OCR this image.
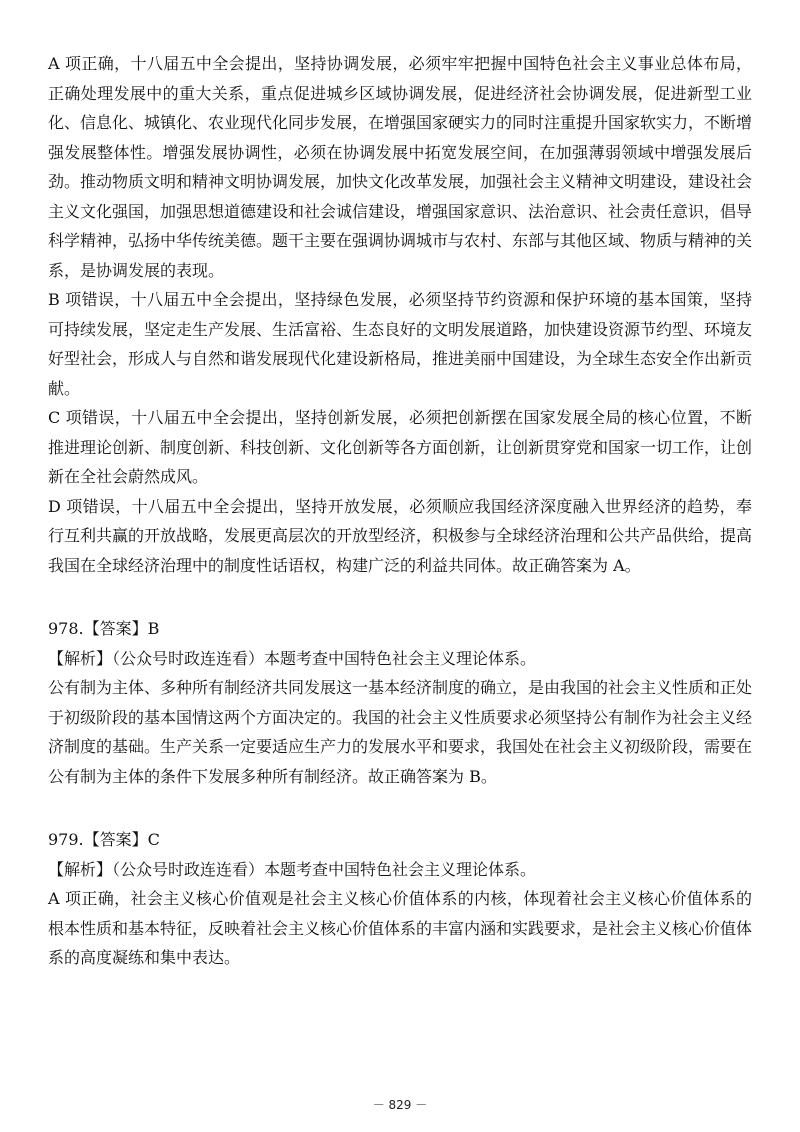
A 项正确，十八届五中全会提出，坚持协调发展，必须牢牢把握中国特色社会主义事业总体布局，正确处理发展中的重大关系，重点促进城乡区域协调发展，促进经济社会协调发展，促进新型工业化、信息化、城镇化、农业现代化同步发展，在增强国家硬实力的同时注重提升国家软实力，不断增强发展整体性。增强发展协调性，必须在协调发展中拓宽发展空间，在加强薄弱领域中增强发展后劲。推动物质文明和精神文明协调发展，加快文化改革发展，加强社会主义精神文明建设，建设社会主义文化强国，加强思想道德建设和社会诚信建设，增强国家意识、法治意识、社会责任意识，倡导科学精神，弘扬中华传统美德。题干主要在强调协调城市与农村、东部与其他区域、物质与精神的关系，是协调发展的表现。

B 项错误，十八届五中全会提出，坚持绿色发展，必须坚持节约资源和保护环境的基本国策，坚持可持续发展，坚定走生产发展、生活富裕、生态良好的文明发展道路，加快建设资源节约型、环境友好型社会，形成人与自然和谐发展现代化建设新格局，推进美丽中国建设，为全球生态安全作出新贡献。

C 项错误，十八届五中全会提出，坚持创新发展，必须把创新摆在国家发展全局的核心位置，不断推进理论创新、制度创新、科技创新、文化创新等各方面创新，让创新贯穿党和国家一切工作，让创新在全社会蔚然成风。

D 项错误，十八届五中全会提出，坚持开放发展，必须顺应我国经济深度融入世界经济的趋势，奉行互利共赢的开放战略，发展更高层次的开放型经济，积极参与全球经济治理和公共产品供给，提高我国在全球经济治理中的制度性话语权，构建广泛的利益共同体。故正确答案为 A。

978.【答案】B

【解析】（公众号时政连连看）本题考查中国特色社会主义理论体系。

公有制为主体、多种所有制经济共同发展这一基本经济制度的确立，是由我国的社会主义性质和正处于初级阶段的基本国情这两个方面决定的。我国的社会主义性质要求必须坚持公有制作为社会主义经济制度的基础。生产关系一定要适应生产力的发展水平和要求，我国处在社会主义初级阶段，需要在公有制为主体的条件下发展多种所有制经济。故正确答案为 B。

979.【答案】C

【解析】（公众号时政连连看）本题考查中国特色社会主义理论体系。

A 项正确，社会主义核心价值观是社会主义核心价值体系的内核，体现着社会主义核心价值体系的根本性质和基本特征，反映着社会主义核心价值体系的丰富内涵和实践要求，是社会主义核心价值体系的高度凝练和集中表达。

－ 829 －
